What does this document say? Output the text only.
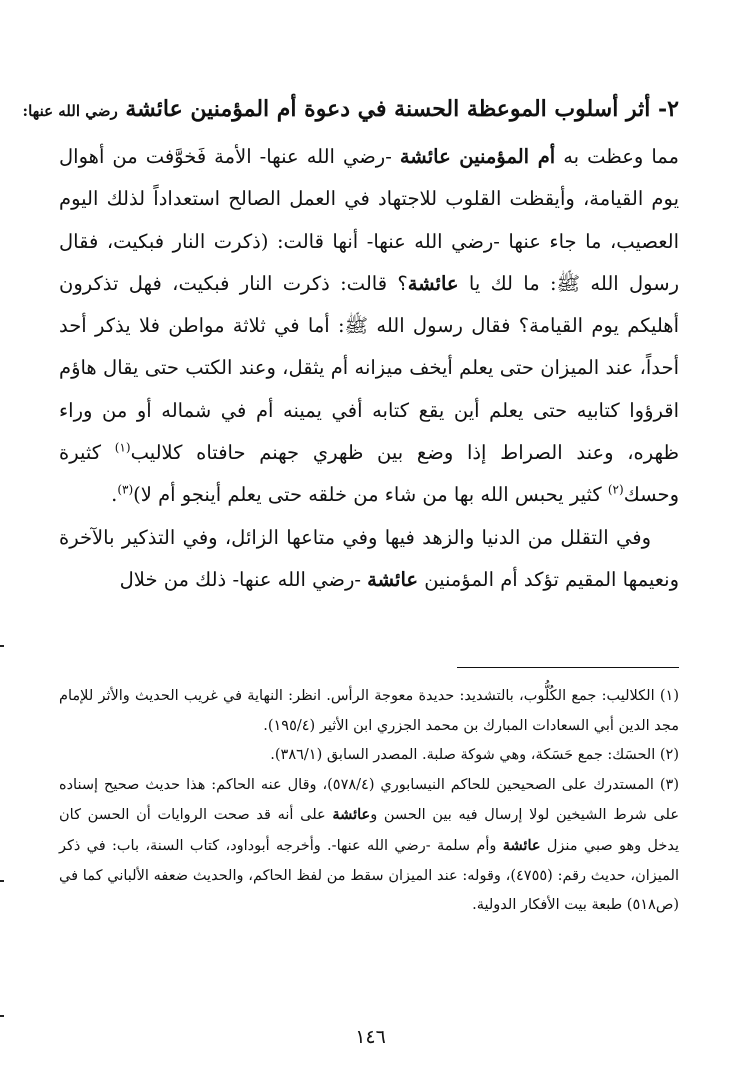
٢- أثر أسلوب الموعظة الحسنة في دعوة أم المؤمنين عائشة رضي الله عنها:

مما وعظت به أم المؤمنين عائشة -رضي الله عنها- الأمة فَخوَّفت من أهوال يوم القيامة، وأيقظت القلوب للاجتهاد في العمل الصالح استعداداً لذلك اليوم العصيب، ما جاء عنها -رضي الله عنها- أنها قالت: (ذكرت النار فبكيت، فقال رسول الله ﷺ: ما لك يا عائشة؟ قالت: ذكرت النار فبكيت، فهل تذكرون أهليكم يوم القيامة؟ فقال رسول الله ﷺ: أما في ثلاثة مواطن فلا يذكر أحد أحداً، عند الميزان حتى يعلم أيخف ميزانه أم يثقل، وعند الكتب حتى يقال هاؤم اقرؤوا كتابيه حتى يعلم أين يقع كتابه أفي يمينه أم في شماله أو من وراء ظهره، وعند الصراط إذا وضع بين ظهري جهنم حافتاه كلاليب$^{(١)}$ كثيرة وحسك$^{(٢)}$ كثير يحبس الله بها من شاء من خلقه حتى يعلم أينجو أم لا)$^{(٣)}$.

وفي التقلل من الدنيا والزهد فيها وفي متاعها الزائل، وفي التذكير بالآخرة ونعيمها المقيم تؤكد أم المؤمنين عائشة -رضي الله عنها- ذلك من خلال

(١) الكلاليب: جمع الكُلُّوب، بالتشديد: حديدة معوجة الرأس. انظر: النهاية في غريب الحديث والأثر للإمام مجد الدين أبي السعادات المبارك بن محمد الجزري ابن الأثير (١٩٥/٤).

(٢) الحسَك: جمع حَسَكة، وهي شوكة صلبة. المصدر السابق (٣٨٦/١).

(٣) المستدرك على الصحيحين للحاكم النيسابوري (٥٧٨/٤)، وقال عنه الحاكم: هذا حديث صحيح إسناده على شرط الشيخين لولا إرسال فيه بين الحسن وعائشة على أنه قد صحت الروايات أن الحسن كان يدخل وهو صبي منزل عائشة وأم سلمة -رضي الله عنها-. وأخرجه أبوداود، كتاب السنة، باب: في ذكر الميزان، حديث رقم: (٤٧٥٥)، وقوله: عند الميزان سقط من لفظ الحاكم، والحديث ضعفه الألباني كما في (ص٥١٨) طبعة بيت الأفكار الدولية.

١٤٦
